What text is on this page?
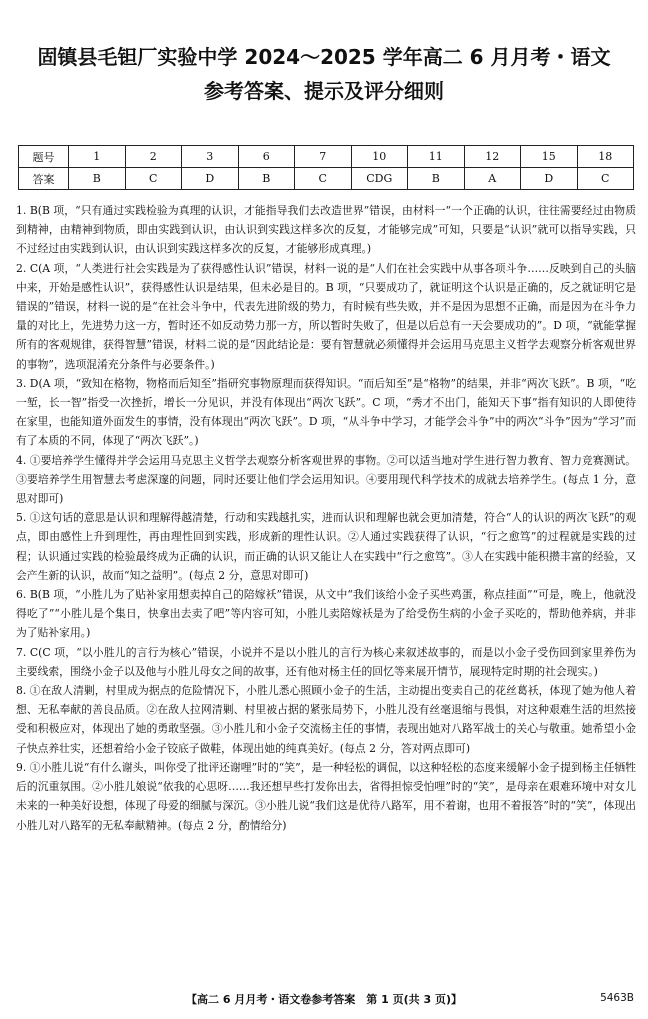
固镇县毛钽厂实验中学 2024～2025 学年高二 6 月月考・语文
参考答案、提示及评分细则
题号	1	2	3	6	7	10	11	12	15	18
答案	B	C	D	B	C	CDG	B	A	D	C

1. B(B 项，“只有通过实践检验为真理的认识，才能指导我们去改造世界”错误，由材料一“一个正确的认识，往往需要经过由物质到精神，由精神到物质，即由实践到认识，由认识到实践这样多次的反复，才能够完成”可知，只要是“认识”就可以指导实践，只不过经过由实践到认识，由认识到实践这样多次的反复，才能够形成真理。)

2. C(A 项，“人类进行社会实践是为了获得感性认识”错误，材料一说的是“人们在社会实践中从事各项斗争……反映到自己的头脑中来，开始是感性认识”，获得感性认识是结果，但未必是目的。B 项，“只要成功了，就证明这个认识是正确的，反之就证明它是错误的”错误，材料一说的是“在社会斗争中，代表先进阶级的势力，有时候有些失败，并不是因为思想不正确，而是因为在斗争力量的对比上，先进势力这一方，暂时还不如反动势力那一方，所以暂时失败了，但是以后总有一天会要成功的”。D 项，“就能掌握所有的客观规律，获得智慧”错误，材料二说的是“因此结论是：要有智慧就必须懂得并会运用马克思主义哲学去观察分析客观世界的事物”，选项混淆充分条件与必要条件。)

3. D(A 项，“致知在格物，物格而后知至”指研究事物原理而获得知识。“而后知至”是“格物”的结果，并非“两次飞跃”。B 项，“吃一堑，长一智”指受一次挫折，增长一分见识，并没有体现出“两次飞跃”。C 项，“秀才不出门，能知天下事”指有知识的人即使待在家里，也能知道外面发生的事情，没有体现出“两次飞跃”。D 项，“从斗争中学习，才能学会斗争”中的两次“斗争”因为“学习”而有了本质的不同，体现了“两次飞跃”。)

4. ①要培养学生懂得并学会运用马克思主义哲学去观察分析客观世界的事物。②可以适当地对学生进行智力教育、智力竞赛测试。③要培养学生用智慧去考虑深邃的问题，同时还要让他们学会运用知识。④要用现代科学技术的成就去培养学生。(每点 1 分，意思对即可)

5. ①这句话的意思是认识和理解得越清楚，行动和实践越扎实，进而认识和理解也就会更加清楚，符合“人的认识的两次飞跃”的观点，即由感性上升到理性，再由理性回到实践，形成新的理性认识。②人通过实践获得了认识，“行之愈笃”的过程就是实践的过程；认识通过实践的检验最终成为正确的认识，而正确的认识又能让人在实践中“行之愈笃”。③人在实践中能积攒丰富的经验，又会产生新的认识，故而“知之益明”。(每点 2 分，意思对即可)

6. B(B 项，“小胜儿为了贴补家用想卖掉自己的陪嫁袄”错误，从文中“我们该给小金子买些鸡蛋，称点挂面”“可是，晚上，他就没得吃了”“小胜儿是个集日，快拿出去卖了吧”等内容可知，小胜儿卖陪嫁袄是为了给受伤生病的小金子买吃的，帮助他养病，并非为了贴补家用。)

7. C(C 项，“以小胜儿的言行为核心”错误，小说并不是以小胜儿的言行为核心来叙述故事的，而是以小金子受伤回到家里养伤为主要线索，围绕小金子以及他与小胜儿母女之间的故事，还有他对杨主任的回忆等来展开情节，展现特定时期的社会现实。)

8. ①在敌人清剿，村里成为据点的危险情况下，小胜儿悉心照顾小金子的生活，主动提出变卖自己的花丝葛袄，体现了她为他人着想、无私奉献的善良品质。②在敌人拉网清剿、村里被占据的紧张局势下，小胜儿没有丝毫退缩与畏惧，对这种艰难生活的坦然接受和积极应对，体现出了她的勇敢坚强。③小胜儿和小金子交流杨主任的事情，表现出她对八路军战士的关心与敬重。她希望小金子快点养壮实，还想着给小金子铰底子做鞋，体现出她的纯真美好。(每点 2 分，答对两点即可)

9. ①小胜儿说“有什么谢头，叫你受了批评还谢哩”时的“笑”，是一种轻松的调侃，以这种轻松的态度来缓解小金子提到杨主任牺牲后的沉重氛围。②小胜儿娘说“依我的心思呀……我还想早些打发你出去，省得担惊受怕哩”时的“笑”，是母亲在艰难环境中对女儿未来的一种美好设想，体现了母爱的细腻与深沉。③小胜儿说“我们这是优待八路军，用不着谢，也用不着报答”时的“笑”，体现出小胜儿对八路军的无私奉献精神。(每点 2 分，酌情给分)

【高二 6 月月考・语文卷参考答案　第 1 页(共 3 页)】	5463B
